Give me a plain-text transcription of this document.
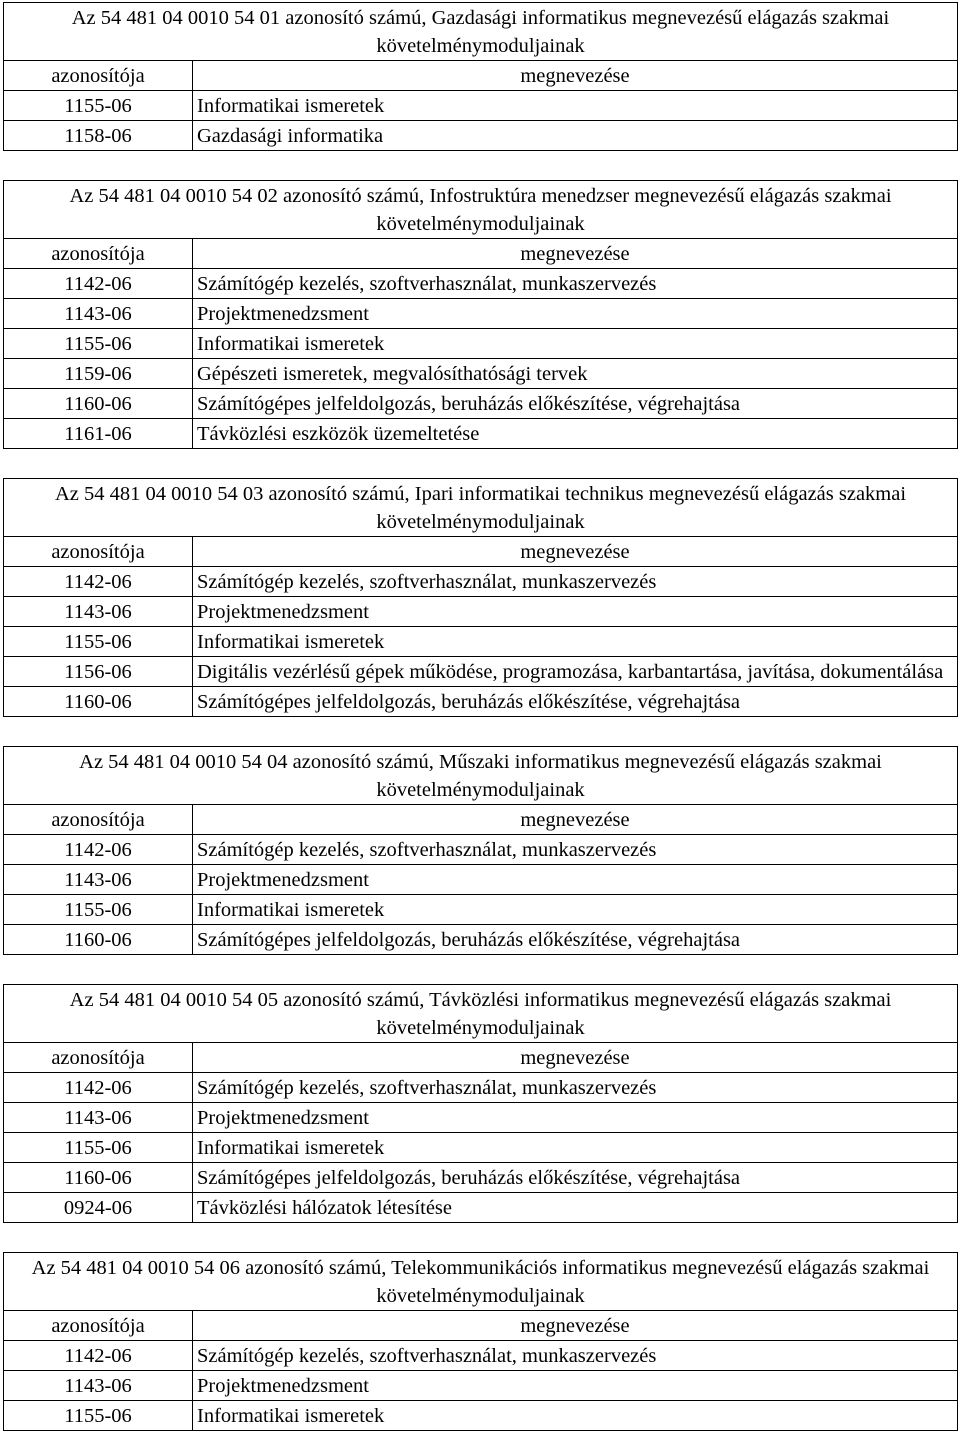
Az 54 481 04 0010 54 01 azonosító számú, Gazdasági informatikus megnevezésű elágazás szakmai követelménymoduljainak	
azonosítója	megnevezése
1155-06	Informatikai ismeretek
1158-06	Gazdasági informatika
Az 54 481 04 0010 54 02 azonosító számú, Infostruktúra menedzser megnevezésű elágazás szakmai követelménymoduljainak	
azonosítója	megnevezése
1142-06	Számítógép kezelés, szoftverhasználat, munkaszervezés
1143-06	Projektmenedzsment
1155-06	Informatikai ismeretek
1159-06	Gépészeti ismeretek, megvalósíthatósági tervek
1160-06	Számítógépes jelfeldolgozás, beruházás előkészítése, végrehajtása
1161-06	Távközlési eszközök üzemeltetése
Az 54 481 04 0010 54 03 azonosító számú, Ipari informatikai technikus megnevezésű elágazás szakmai követelménymoduljainak	
azonosítója	megnevezése
1142-06	Számítógép kezelés, szoftverhasználat, munkaszervezés
1143-06	Projektmenedzsment
1155-06	Informatikai ismeretek
1156-06	Digitális vezérlésű gépek működése, programozása, karbantartása, javítása, dokumentálása
1160-06	Számítógépes jelfeldolgozás, beruházás előkészítése, végrehajtása
Az 54 481 04 0010 54 04 azonosító számú, Műszaki informatikus megnevezésű elágazás szakmai követelménymoduljainak	
azonosítója	megnevezése
1142-06	Számítógép kezelés, szoftverhasználat, munkaszervezés
1143-06	Projektmenedzsment
1155-06	Informatikai ismeretek
1160-06	Számítógépes jelfeldolgozás, beruházás előkészítése, végrehajtása
Az 54 481 04 0010 54 05 azonosító számú, Távközlési informatikus megnevezésű elágazás szakmai követelménymoduljainak	
azonosítója	megnevezése
1142-06	Számítógép kezelés, szoftverhasználat, munkaszervezés
1143-06	Projektmenedzsment
1155-06	Informatikai ismeretek
1160-06	Számítógépes jelfeldolgozás, beruházás előkészítése, végrehajtása
0924-06	Távközlési hálózatok létesítése
Az 54 481 04 0010 54 06 azonosító számú, Telekommunikációs informatikus megnevezésű elágazás szakmai követelménymoduljainak	
azonosítója	megnevezése
1142-06	Számítógép kezelés, szoftverhasználat, munkaszervezés
1143-06	Projektmenedzsment
1155-06	Informatikai ismeretek
